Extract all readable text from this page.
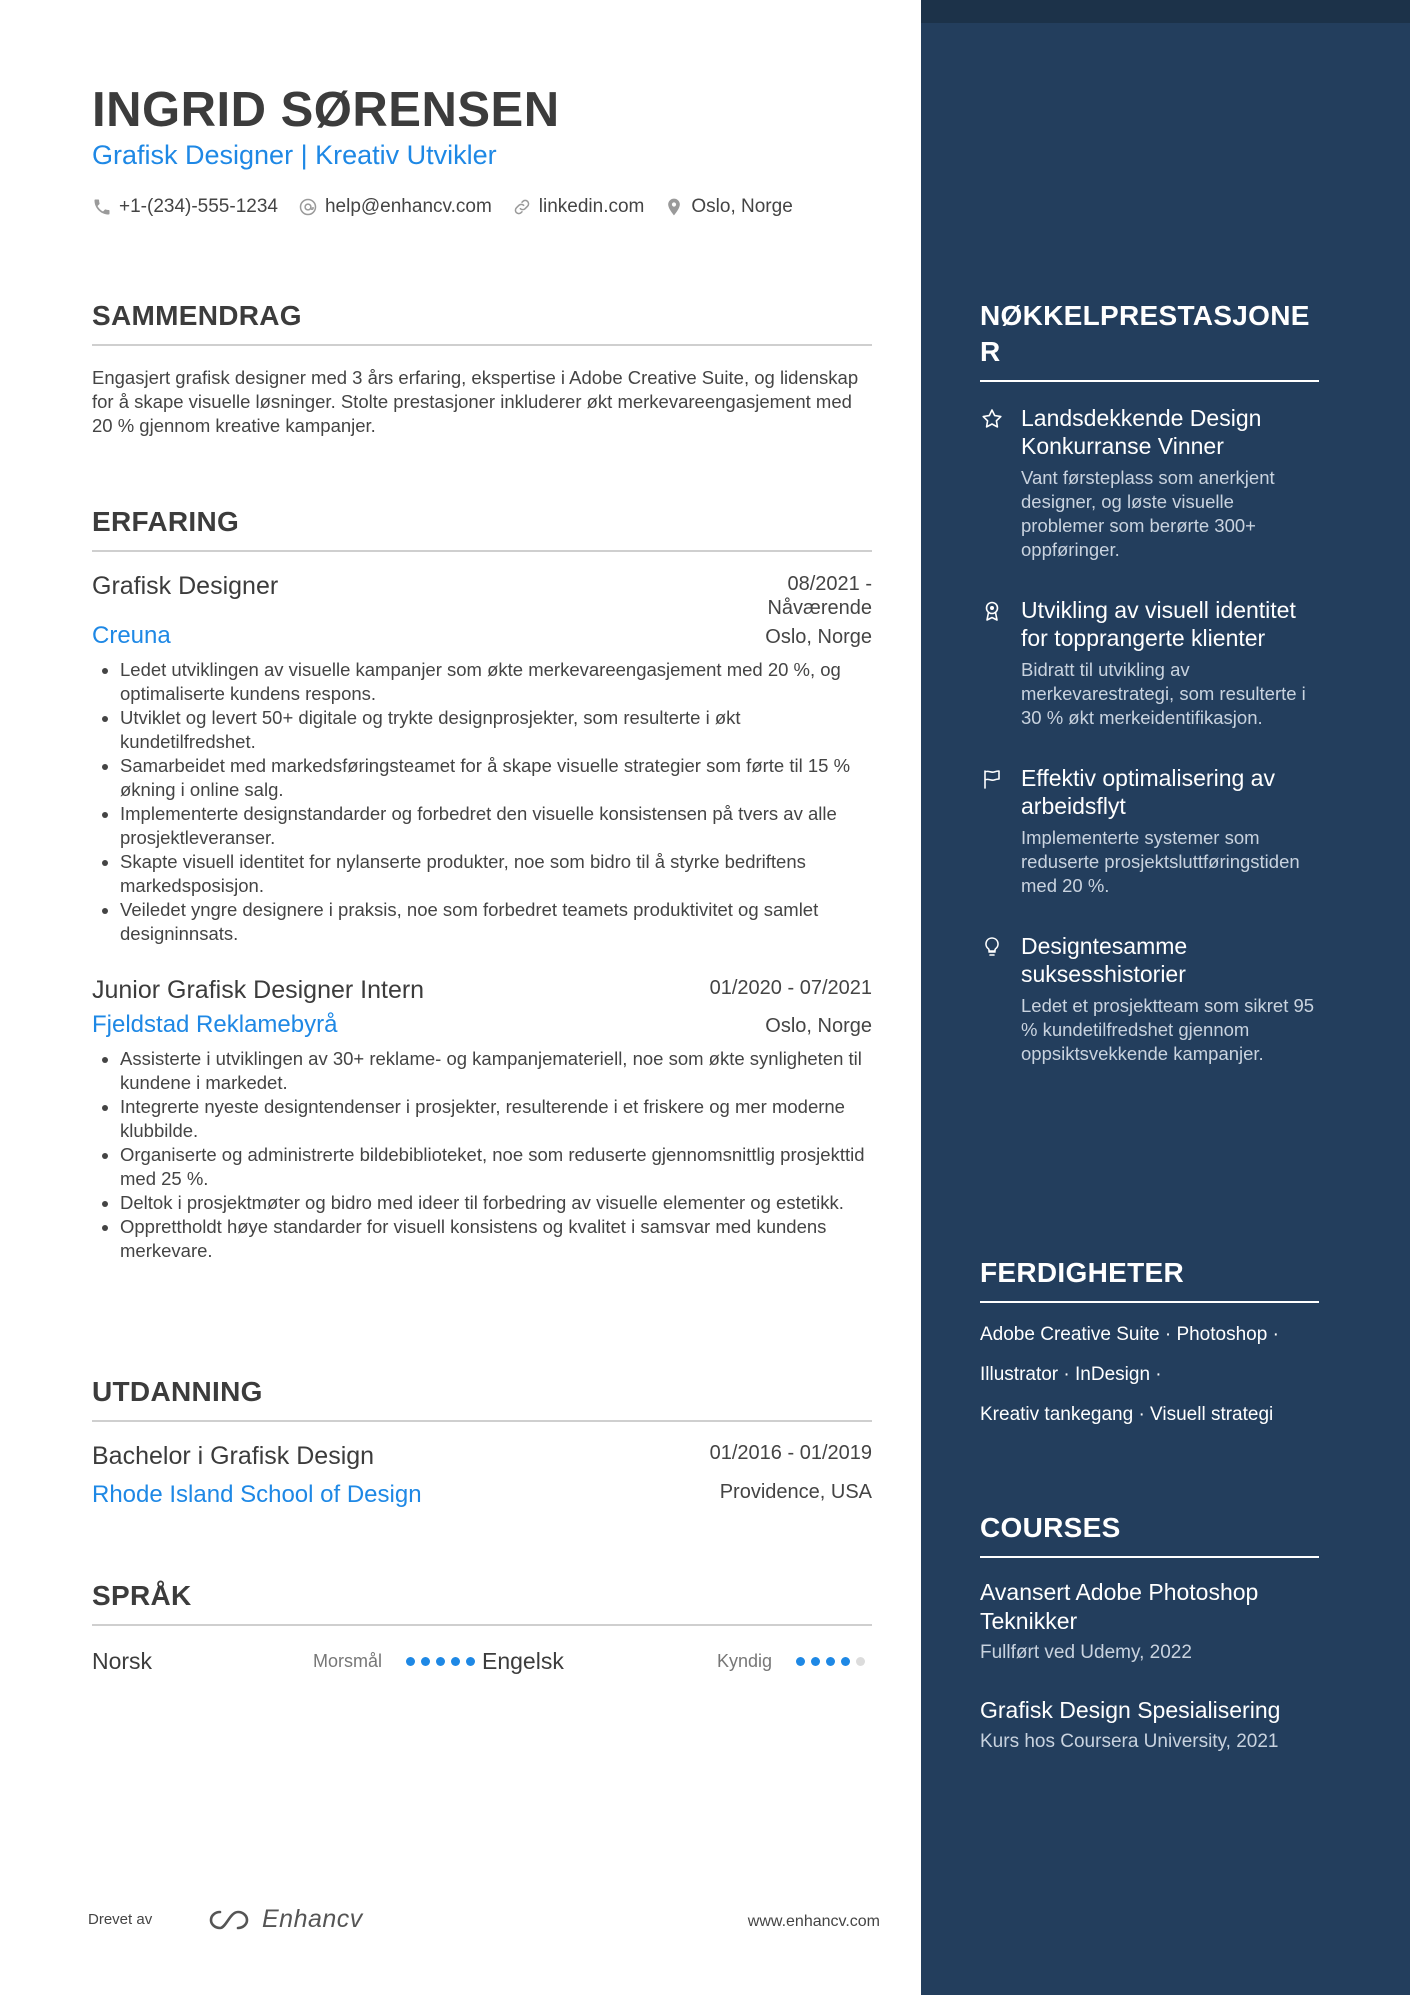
INGRID SØRENSEN
Grafisk Designer | Kreativ Utvikler
+1-(234)-555-1234 help@enhancv.com linkedin.com Oslo, Norge
SAMMENDRAG
Engasjert grafisk designer med 3 års erfaring, ekspertise i Adobe Creative Suite, og lidenskap for å skape visuelle løsninger. Stolte prestasjoner inkluderer økt merkevareengasjement med 20 % gjennom kreative kampanjer.
ERFARING
Grafisk Designer	08/2021 - Nåværende
Creuna	Oslo, Norge
• Ledet utviklingen av visuelle kampanjer som økte merkevareengasjement med 20 %, og optimaliserte kundens respons.
• Utviklet og levert 50+ digitale og trykte designprosjekter, som resulterte i økt kundetilfredshet.
• Samarbeidet med markedsføringsteamet for å skape visuelle strategier som førte til 15 % økning i online salg.
• Implementerte designstandarder og forbedret den visuelle konsistensen på tvers av alle prosjektleveranser.
• Skapte visuell identitet for nylanserte produkter, noe som bidro til å styrke bedriftens markedsposisjon.
• Veiledet yngre designere i praksis, noe som forbedret teamets produktivitet og samlet designinnsats.
Junior Grafisk Designer Intern	01/2020 - 07/2021
Fjeldstad Reklamebyrå	Oslo, Norge
• Assisterte i utviklingen av 30+ reklame- og kampanjemateriell, noe som økte synligheten til kundene i markedet.
• Integrerte nyeste designtendenser i prosjekter, resulterende i et friskere og mer moderne klubbilde.
• Organiserte og administrerte bildebiblioteket, noe som reduserte gjennomsnittlig prosjekttid med 25 %.
• Deltok i prosjektmøter og bidro med ideer til forbedring av visuelle elementer og estetikk.
• Opprettholdt høye standarder for visuell konsistens og kvalitet i samsvar med kundens merkevare.
UTDANNING
Bachelor i Grafisk Design	01/2016 - 01/2019
Rhode Island School of Design	Providence, USA
SPRÅK
Norsk	Morsmål	Engelsk	Kyndig
Drevet av	Enhancv	www.enhancv.com
NØKKELPRESTASJONER
Landsdekkende Design Konkurranse Vinner
Vant førsteplass som anerkjent designer, og løste visuelle problemer som berørte 300+ oppføringer.
Utvikling av visuell identitet for topprangerte klienter
Bidratt til utvikling av merkevarestrategi, som resulterte i 30 % økt merkeidentifikasjon.
Effektiv optimalisering av arbeidsflyt
Implementerte systemer som reduserte prosjektsluttføringstiden med 20 %.
Designtesamme suksesshistorier
Ledet et prosjektteam som sikret 95 % kundetilfredshet gjennom oppsiktsvekkende kampanjer.
FERDIGHETER
Adobe Creative Suite · Photoshop ·
Illustrator · InDesign ·
Kreativ tankegang · Visuell strategi
COURSES
Avansert Adobe Photoshop Teknikker
Fullført ved Udemy, 2022
Grafisk Design Spesialisering
Kurs hos Coursera University, 2021
